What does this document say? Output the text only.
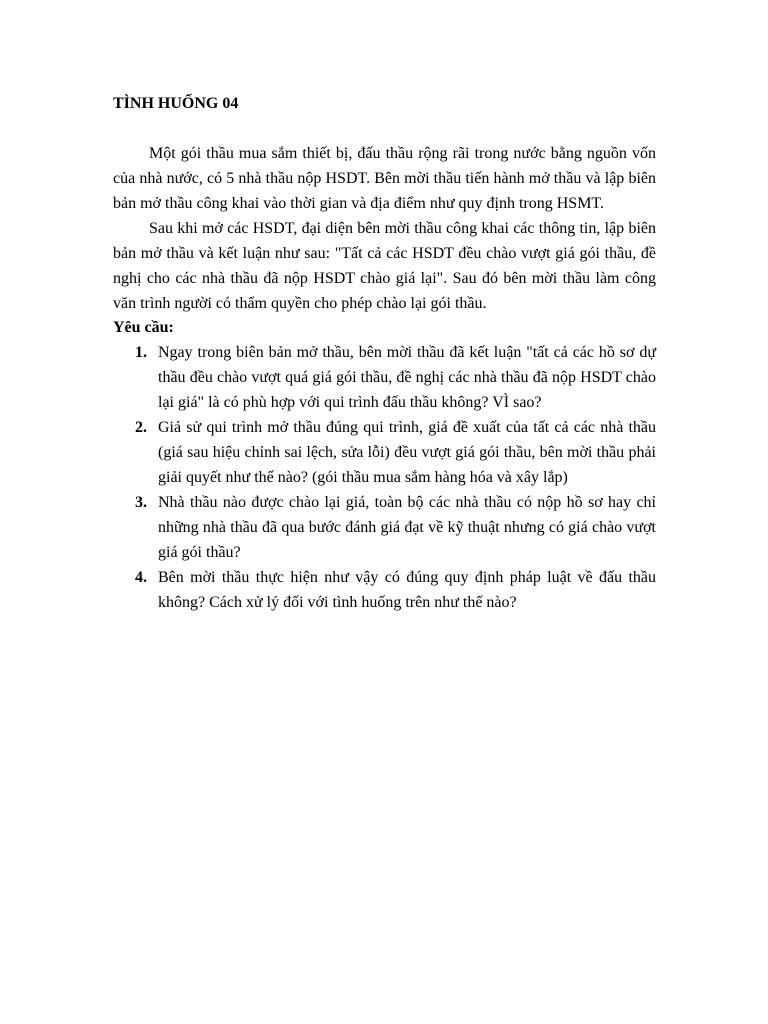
TÌNH HUỐNG 04

Một gói thầu mua sắm thiết bị, đấu thầu rộng rãi trong nước bằng nguồn vốn của nhà nước, có 5 nhà thầu nộp HSDT. Bên mời thầu tiến hành mở thầu và lập biên bản mở thầu công khai vào thời gian và địa điểm như quy định trong HSMT.

Sau khi mở các HSDT, đại diện bên mời thầu công khai các thông tin, lập biên bản mở thầu và kết luận như sau: "Tất cả các HSDT đều chào vượt giá gói thầu, đề nghị cho các nhà thầu đã nộp HSDT chào giá lại". Sau đó bên mời thầu làm công văn trình người có thẩm quyền cho phép chào lại gói thầu.

Yêu cầu:
1. Ngay trong biên bản mở thầu, bên mời thầu đã kết luận "tất cả các hồ sơ dự thầu đều chào vượt quá giá gói thầu, đề nghị các nhà thầu đã nộp HSDT chào lại giá" là có phù hợp với qui trình đấu thầu không? VÌ sao?
2. Giả sử qui trình mở thầu đúng qui trình, giá đề xuất của tất cả các nhà thầu (giá sau hiệu chỉnh sai lệch, sửa lỗi) đều vượt giá gói thầu, bên mời thầu phải giải quyết như thế nào? (gói thầu mua sắm hàng hóa và xây lắp)
3. Nhà thầu nào được chào lại giá, toàn bộ các nhà thầu có nộp hồ sơ hay chỉ những nhà thầu đã qua bước đánh giá đạt về kỹ thuật nhưng có giá chào vượt giá gói thầu?
4. Bên mời thầu thực hiện như vậy có đúng quy định pháp luật về đấu thầu không? Cách xử lý đối với tình huống trên như thế nào?
